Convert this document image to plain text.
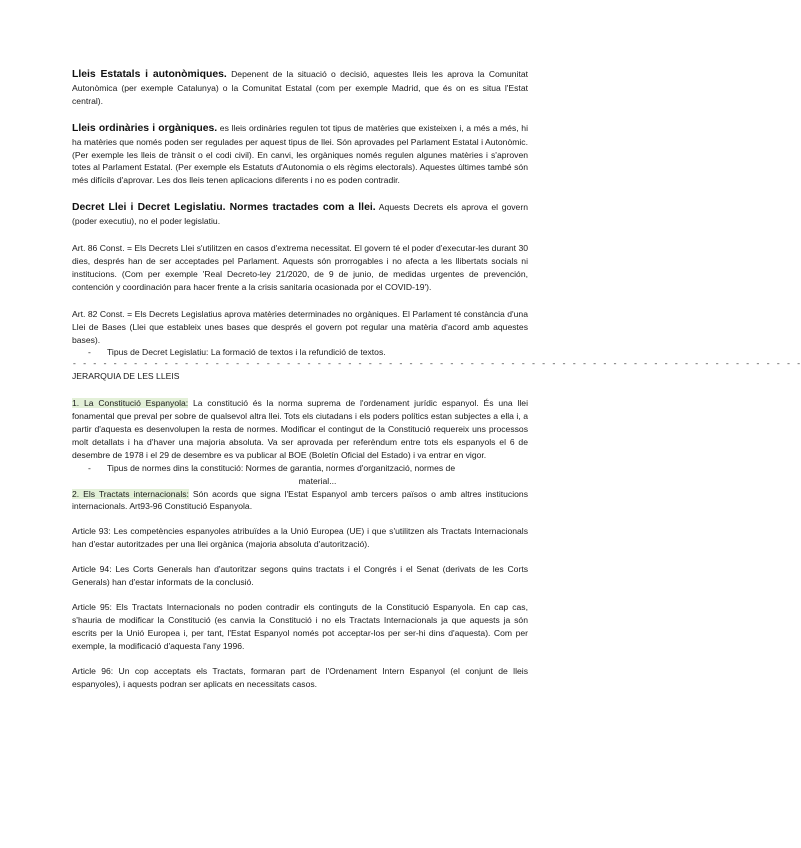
Lleis Estatals i autonòmiques. Depenent de la situació o decisió, aquestes lleis les aprova la Comunitat Autonòmica (per exemple Catalunya) o la Comunitat Estatal (com per exemple Madrid, que és on es situa l'Estat central).

Lleis ordinàries i orgàniques. es lleis ordinàries regulen tot tipus de matèries que existeixen i, a més a més, hi ha matèries que només poden ser regulades per aquest tipus de llei. Són aprovades pel Parlament Estatal i Autonòmic. (Per exemple les lleis de trànsit o el codi civil). En canvi, les orgàniques només regulen algunes matèries i s'aproven totes al Parlament Estatal. (Per exemple els Estatuts d'Autonomia o els règims electorals). Aquestes últimes també són més difícils d'aprovar. Les dos lleis tenen aplicacions diferents i no es poden contradir.

Decret Llei i Decret Legislatiu. Normes tractades com a llei. Aquests Decrets els aprova el govern (poder executiu), no el poder legislatiu.

Art. 86 Const. = Els Decrets Llei s'utilitzen en casos d'extrema necessitat. El govern té el poder d'executar-les durant 30 dies, després han de ser acceptades pel Parlament. Aquests són prorrogables i no afecta a les llibertats socials ni institucions. (Com per exemple 'Real Decreto-ley 21/2020, de 9 de junio, de medidas urgentes de prevención, contención y coordinación para hacer frente a la crisis sanitaria ocasionada por el COVID-19').

Art. 82 Const. = Els Decrets Legislatius aprova matèries determinades no orgàniques. El Parlament té constància d'una Llei de Bases (Llei que estableix unes bases que després el govern pot regular una matèria d'acord amb aquestes bases).

- Tipus de Decret Legislatiu: La formació de textos i la refundició de textos.
- - - - - - - - - - - - - - - - - - - - - - - - - - - - - - - - - - - - - - - - - - - - - - - - - - - - - - - - - - - - - - - - - - - - - - - -

JERARQUIA DE LES LLEIS

1. La Constitució Espanyola: La constitució és la norma suprema de l'ordenament jurídic espanyol. És una llei fonamental que preval per sobre de qualsevol altra llei. Tots els ciutadans i els poders polítics estan subjectes a ella i, a partir d'aquesta es desenvolupen la resta de normes. Modificar el contingut de la Constitució requereix uns processos molt detallats i ha d'haver una majoria absoluta. Va ser aprovada per referèndum entre tots els espanyols el 6 de desembre de 1978 i el 29 de desembre es va publicar al BOE (Boletín Oficial del Estado) i va entrar en vigor.

- Tipus de normes dins la constitució: Normes de garantia, normes d'organització, normes de
material...

2. Els Tractats internacionals: Són acords que signa l'Estat Espanyol amb tercers països o amb altres institucions internacionals. Art93-96 Constitució Espanyola.

Article 93: Les competències espanyoles atribuïdes a la Unió Europea (UE) i que s'utilitzen als Tractats Internacionals han d'estar autoritzades per una llei orgànica (majoria absoluta d'autorització).

Article 94: Les Corts Generals han d'autoritzar segons quins tractats i el Congrés i el Senat (derivats de les Corts Generals) han d'estar informats de la conclusió.

Article 95: Els Tractats Internacionals no poden contradir els continguts de la Constitució Espanyola. En cap cas, s'hauria de modificar la Constitució (es canvia la Constitució i no els Tractats Internacionals ja que aquests ja són escrits per la Unió Europea i, per tant, l'Estat Espanyol només pot acceptar-los per ser-hi dins d'aquesta). Com per exemple, la modificació d'aquesta l'any 1996.

Article 96: Un cop acceptats els Tractats, formaran part de l'Ordenament Intern Espanyol (el conjunt de lleis espanyoles), i aquests podran ser aplicats en necessitats casos.
